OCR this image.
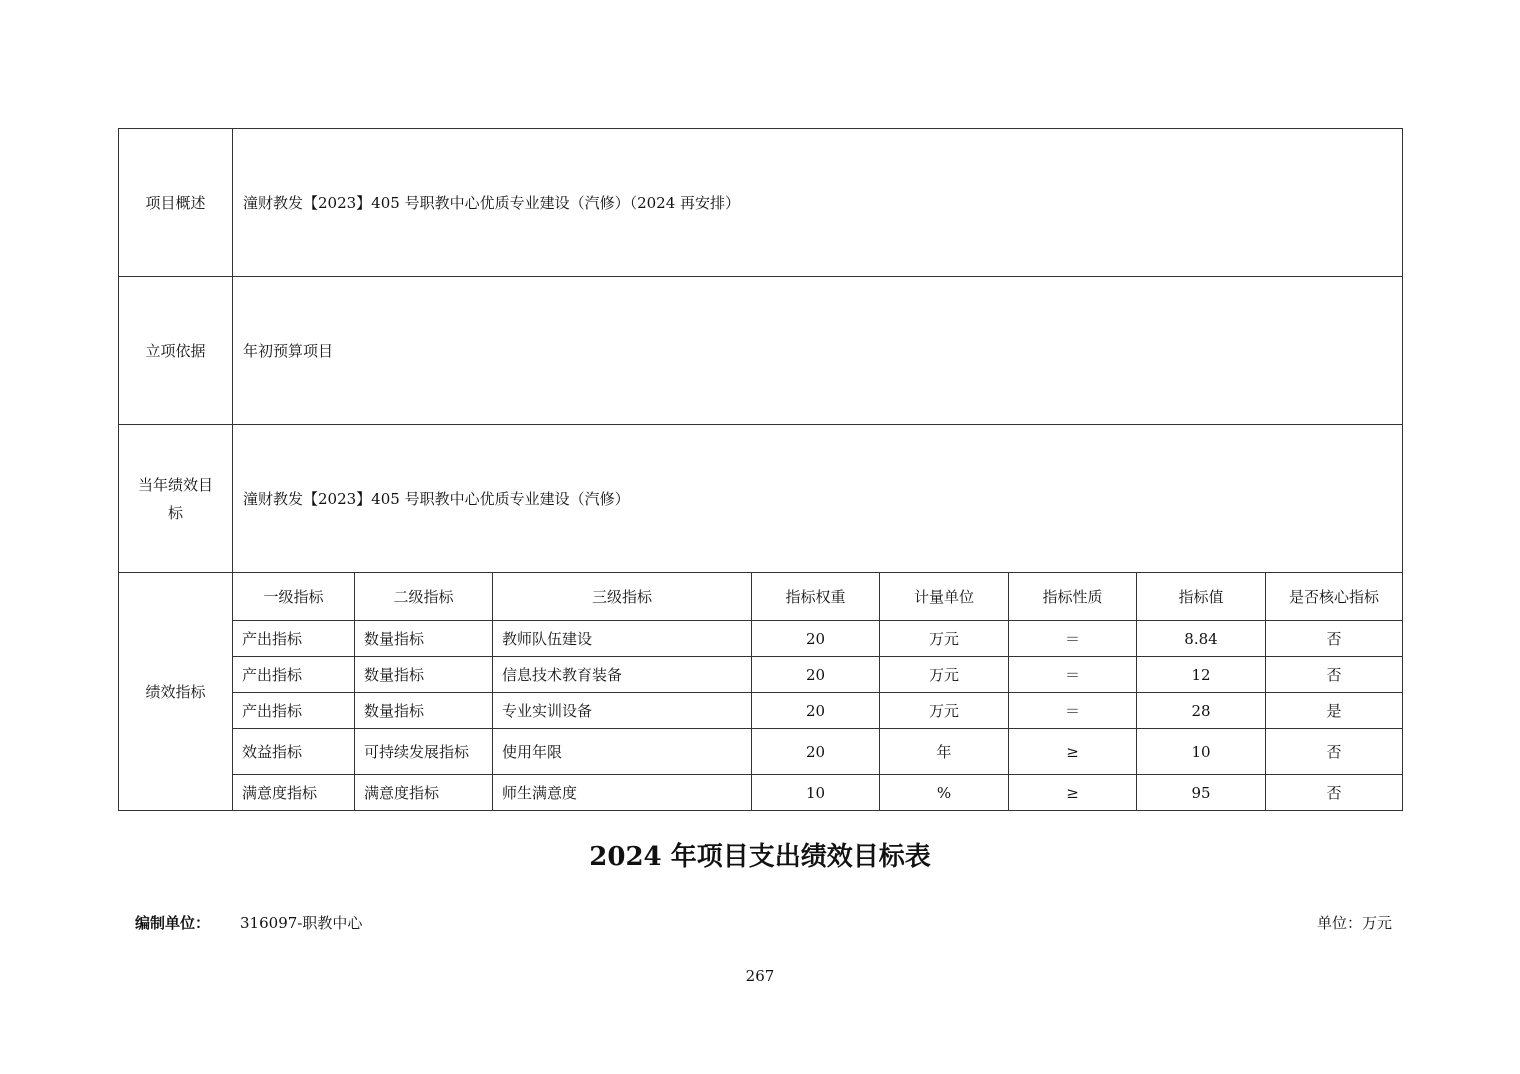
项目概述	潼财教发【2023】405 号职教中心优质专业建设（汽修）（2024 再安排）							
立项依据	年初预算项目							

当年绩效目
标	潼财教发【2023】405 号职教中心优质专业建设（汽修）							
绩效指标	一级指标	二级指标	三级指标	指标权重	计量单位	指标性质	指标值	是否核心指标
	产出指标	数量指标	教师队伍建设	20	万元	＝	8.84	否
	产出指标	数量指标	信息技术教育装备	20	万元	＝	12	否
	产出指标	数量指标	专业实训设备	20	万元	＝	28	是
	效益指标	可持续发展指标	使用年限	20	年	≥	10	否
	满意度指标	满意度指标	师生满意度	10	%	≥	95	否
2024 年项目支出绩效目标表
编制单位： 316097-职教中心	单位：万元
267
